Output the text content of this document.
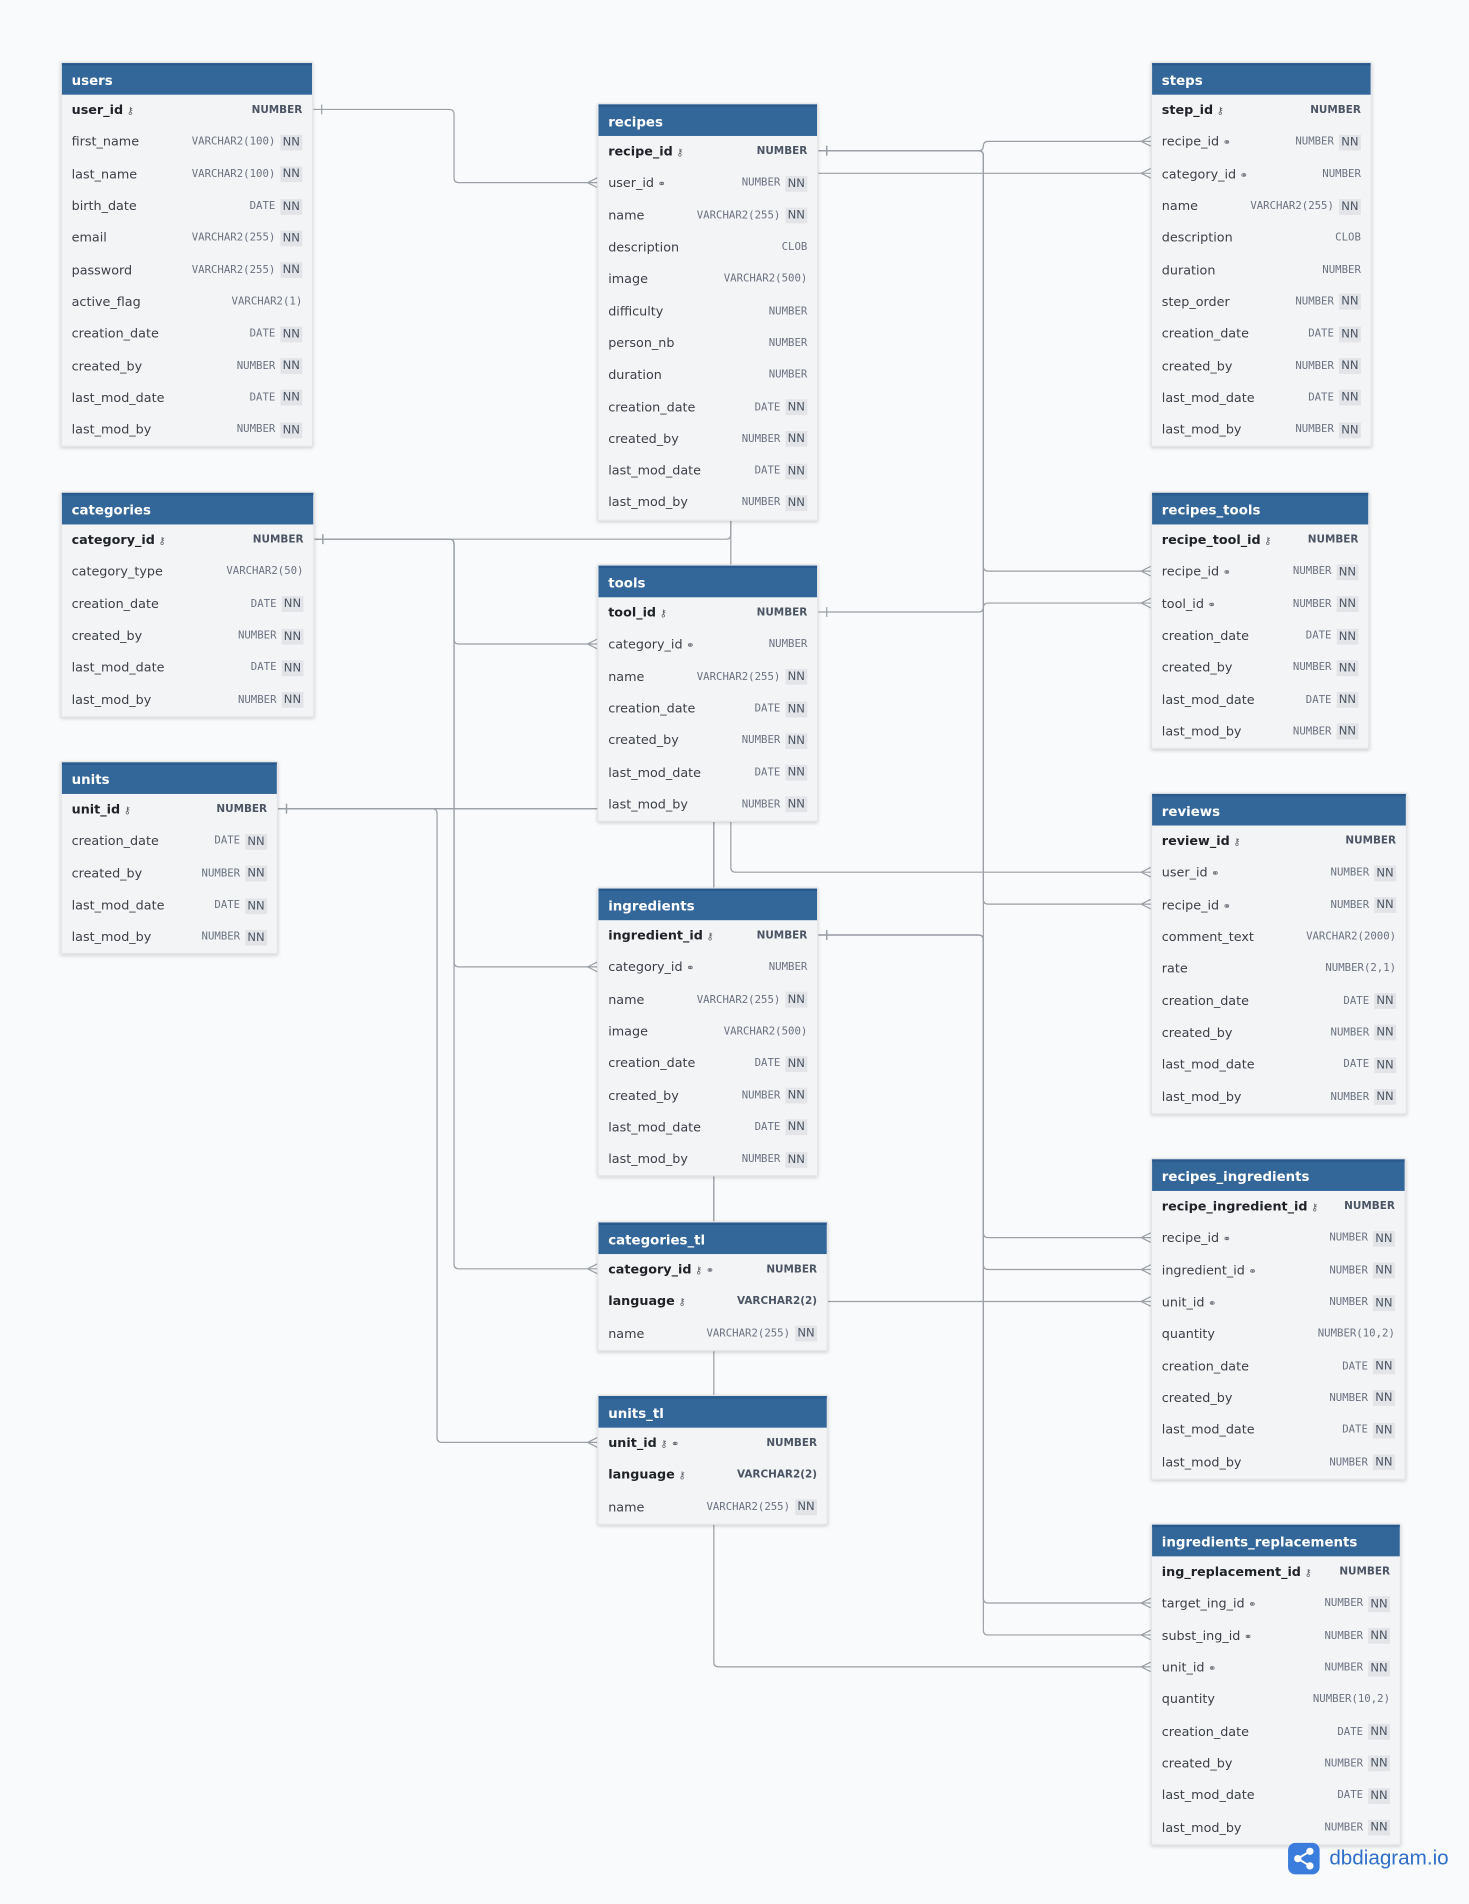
users
user_id ⚷	NUMBER
first_name	VARCHAR2(100) NN
last_name	VARCHAR2(100) NN
birth_date	DATE NN
email	VARCHAR2(255) NN
password	VARCHAR2(255) NN
active_flag	VARCHAR2(1)
creation_date	DATE NN
created_by	NUMBER NN
last_mod_date	DATE NN
last_mod_by	NUMBER NN
categories
category_id ⚷	NUMBER
category_type	VARCHAR2(50)
creation_date	DATE NN
created_by	NUMBER NN
last_mod_date	DATE NN
last_mod_by	NUMBER NN
units
unit_id ⚷	NUMBER
creation_date	DATE NN
created_by	NUMBER NN
last_mod_date	DATE NN
last_mod_by	NUMBER NN
recipes
recipe_id ⚷	NUMBER
user_id ⚭	NUMBER NN
name	VARCHAR2(255) NN
description	CLOB
image	VARCHAR2(500)
difficulty	NUMBER
person_nb	NUMBER
duration	NUMBER
creation_date	DATE NN
created_by	NUMBER NN
last_mod_date	DATE NN
last_mod_by	NUMBER NN
tools
tool_id ⚷	NUMBER
category_id ⚭	NUMBER
name	VARCHAR2(255) NN
creation_date	DATE NN
created_by	NUMBER NN
last_mod_date	DATE NN
last_mod_by	NUMBER NN
ingredients
ingredient_id ⚷	NUMBER
category_id ⚭	NUMBER
name	VARCHAR2(255) NN
image	VARCHAR2(500)
creation_date	DATE NN
created_by	NUMBER NN
last_mod_date	DATE NN
last_mod_by	NUMBER NN
categories_tl
category_id ⚷ ⚭	NUMBER
language ⚷	VARCHAR2(2)
name	VARCHAR2(255) NN
units_tl
unit_id ⚷ ⚭	NUMBER
language ⚷	VARCHAR2(2)
name	VARCHAR2(255) NN
steps
step_id ⚷	NUMBER
recipe_id ⚭	NUMBER NN
category_id ⚭	NUMBER
name	VARCHAR2(255) NN
description	CLOB
duration	NUMBER
step_order	NUMBER NN
creation_date	DATE NN
created_by	NUMBER NN
last_mod_date	DATE NN
last_mod_by	NUMBER NN
recipes_tools
recipe_tool_id ⚷	NUMBER
recipe_id ⚭	NUMBER NN
tool_id ⚭	NUMBER NN
creation_date	DATE NN
created_by	NUMBER NN
last_mod_date	DATE NN
last_mod_by	NUMBER NN
reviews
review_id ⚷	NUMBER
user_id ⚭	NUMBER NN
recipe_id ⚭	NUMBER NN
comment_text	VARCHAR2(2000)
rate	NUMBER(2,1)
creation_date	DATE NN
created_by	NUMBER NN
last_mod_date	DATE NN
last_mod_by	NUMBER NN
recipes_ingredients
recipe_ingredient_id ⚷	NUMBER
recipe_id ⚭	NUMBER NN
ingredient_id ⚭	NUMBER NN
unit_id ⚭	NUMBER NN
quantity	NUMBER(10,2)
creation_date	DATE NN
created_by	NUMBER NN
last_mod_date	DATE NN
last_mod_by	NUMBER NN
ingredients_replacements
ing_replacement_id ⚷	NUMBER
target_ing_id ⚭	NUMBER NN
subst_ing_id ⚭	NUMBER NN
unit_id ⚭	NUMBER NN
quantity	NUMBER(10,2)
creation_date	DATE NN
created_by	NUMBER NN
last_mod_date	DATE NN
last_mod_by	NUMBER NN
dbdiagram.io
